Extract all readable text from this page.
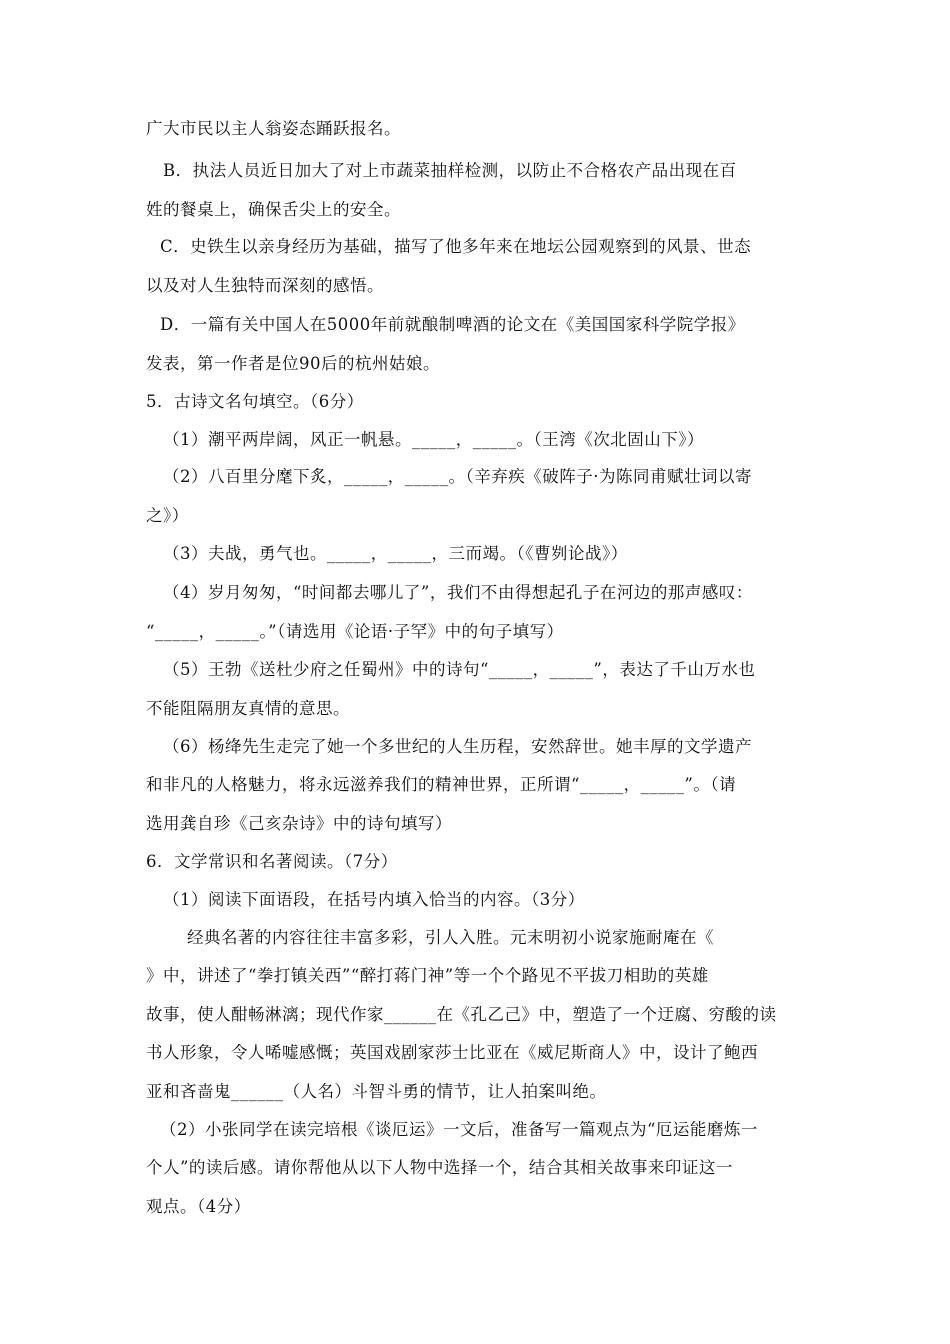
广大市民以主人翁姿态踊跃报名。
B．执法人员近日加大了对上市蔬菜抽样检测，以防止不合格农产品出现在百
姓的餐桌上，确保舌尖上的安全。
C．史铁生以亲身经历为基础，描写了他多年来在地坛公园观察到的风景、世态
以及对人生独特而深刻的感悟。
D．一篇有关中国人在5000年前就酿制啤酒的论文在《美国国家科学院学报》
发表，第一作者是位90后的杭州姑娘。
5．古诗文名句填空。（6分）
（1）潮平两岸阔，风正一帆悬。_____，_____。（王湾《次北固山下》）
（2）八百里分麾下炙，_____，_____。（辛弃疾《破阵子·为陈同甫赋壮词以寄
之》）
（3）夫战，勇气也。_____，_____，三而竭。（《曹刿论战》）
（4）岁月匆匆，“时间都去哪儿了”，我们不由得想起孔子在河边的那声感叹：
“_____，_____。”（请选用《论语·子罕》中的句子填写）
（5）王勃《送杜少府之任蜀州》中的诗句“_____，_____”，表达了千山万水也
不能阻隔朋友真情的意思。
（6）杨绛先生走完了她一个多世纪的人生历程，安然辞世。她丰厚的文学遗产
和非凡的人格魅力，将永远滋养我们的精神世界，正所谓“_____，_____”。（请
选用龚自珍《己亥杂诗》中的诗句填写）
6．文学常识和名著阅读。（7分）
（1）阅读下面语段，在括号内填入恰当的内容。（3分）
经典名著的内容往往丰富多彩，引人入胜。元末明初小说家施耐庵在《
》中，讲述了“拳打镇关西”“醉打蒋门神”等一个个路见不平拔刀相助的英雄
故事，使人酣畅淋漓；现代作家______在《孔乙己》中，塑造了一个迂腐、穷酸的读
书人形象，令人唏嘘感慨；英国戏剧家莎士比亚在《威尼斯商人》中，设计了鲍西
亚和吝啬鬼______（人名）斗智斗勇的情节，让人拍案叫绝。
（2）小张同学在读完培根《谈厄运》一文后，准备写一篇观点为“厄运能磨炼一
个人”的读后感。请你帮他从以下人物中选择一个，结合其相关故事来印证这一
观点。（4分）
